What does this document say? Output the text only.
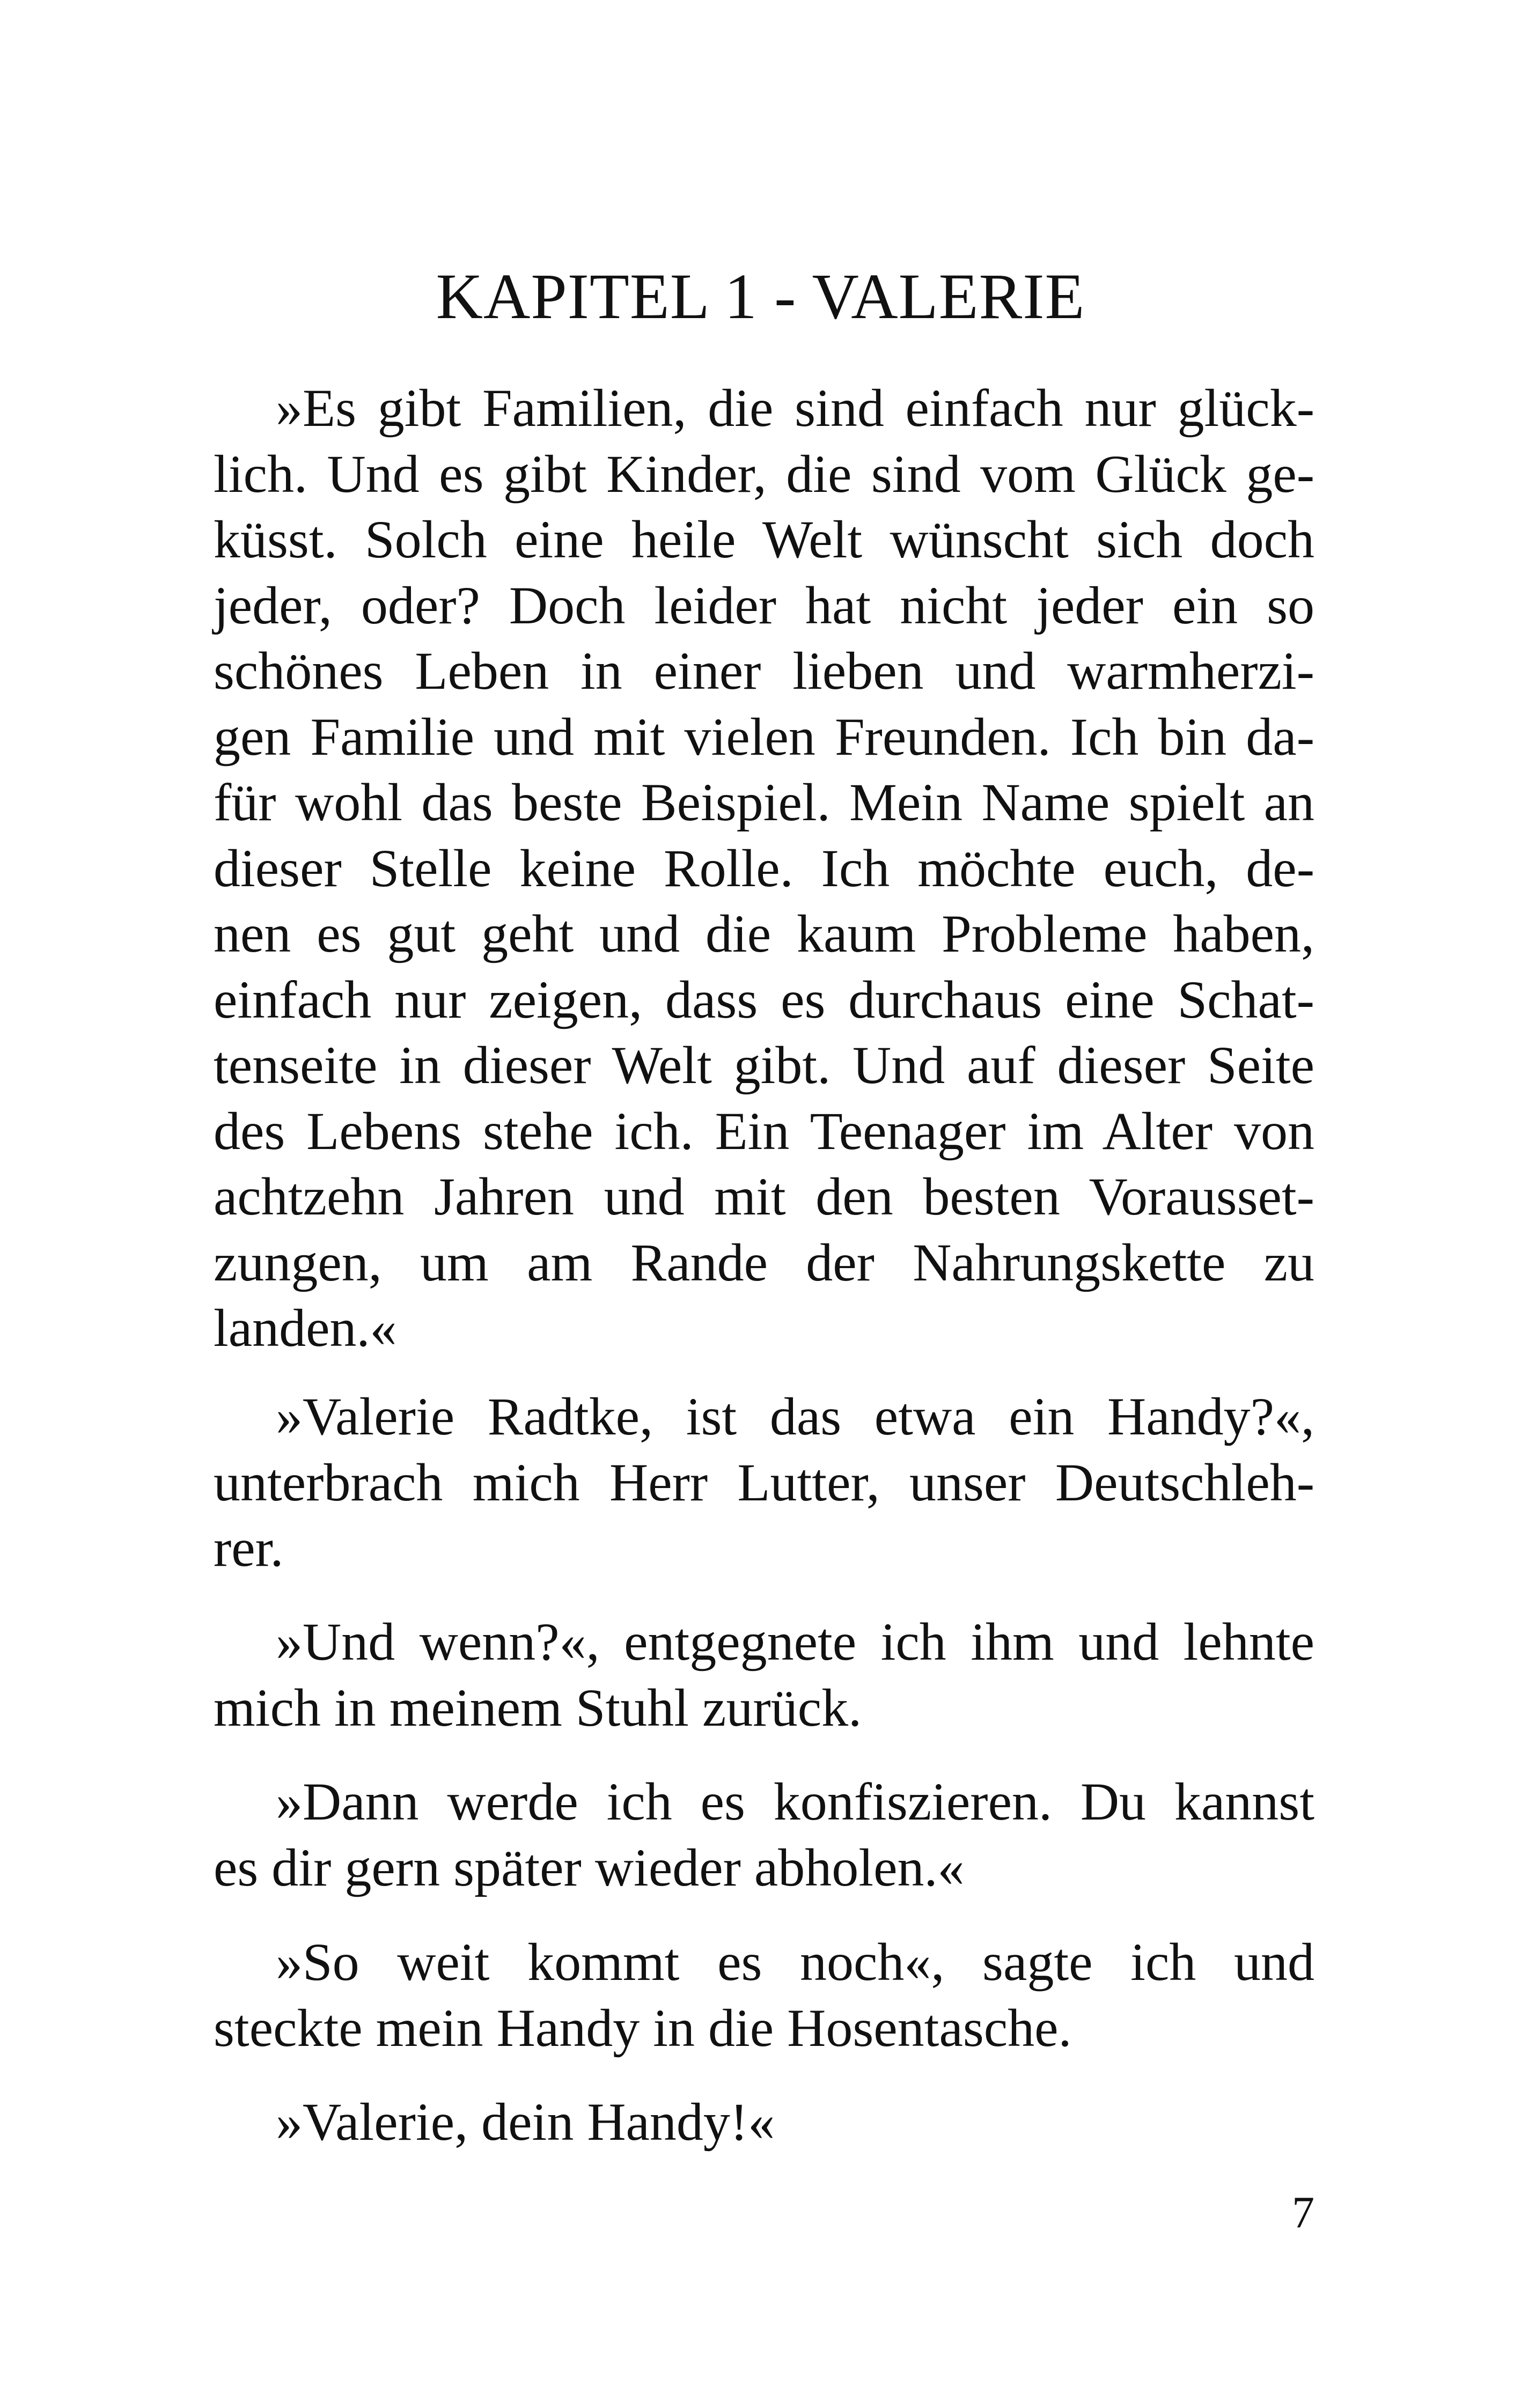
KAPITEL 1 - VALERIE
»Es gibt Familien, die sind einfach nur glück-
lich. Und es gibt Kinder, die sind vom Glück ge-
küsst. Solch eine heile Welt wünscht sich doch
jeder, oder? Doch leider hat nicht jeder ein so
schönes Leben in einer lieben und warmherzi-
gen Familie und mit vielen Freunden. Ich bin da-
für wohl das beste Beispiel. Mein Name spielt an
dieser Stelle keine Rolle. Ich möchte euch, de-
nen es gut geht und die kaum Probleme haben,
einfach nur zeigen, dass es durchaus eine Schat-
tenseite in dieser Welt gibt. Und auf dieser Seite
des Lebens stehe ich. Ein Teenager im Alter von
achtzehn Jahren und mit den besten Vorausset-
zungen, um am Rande der Nahrungskette zu
landen.«
»Valerie Radtke, ist das etwa ein Handy?«,
unterbrach mich Herr Lutter, unser Deutschleh-
rer.
»Und wenn?«, entgegnete ich ihm und lehnte
mich in meinem Stuhl zurück.
»Dann werde ich es konfiszieren. Du kannst
es dir gern später wieder abholen.«
»So weit kommt es noch«, sagte ich und
steckte mein Handy in die Hosentasche.
»Valerie, dein Handy!«
7
